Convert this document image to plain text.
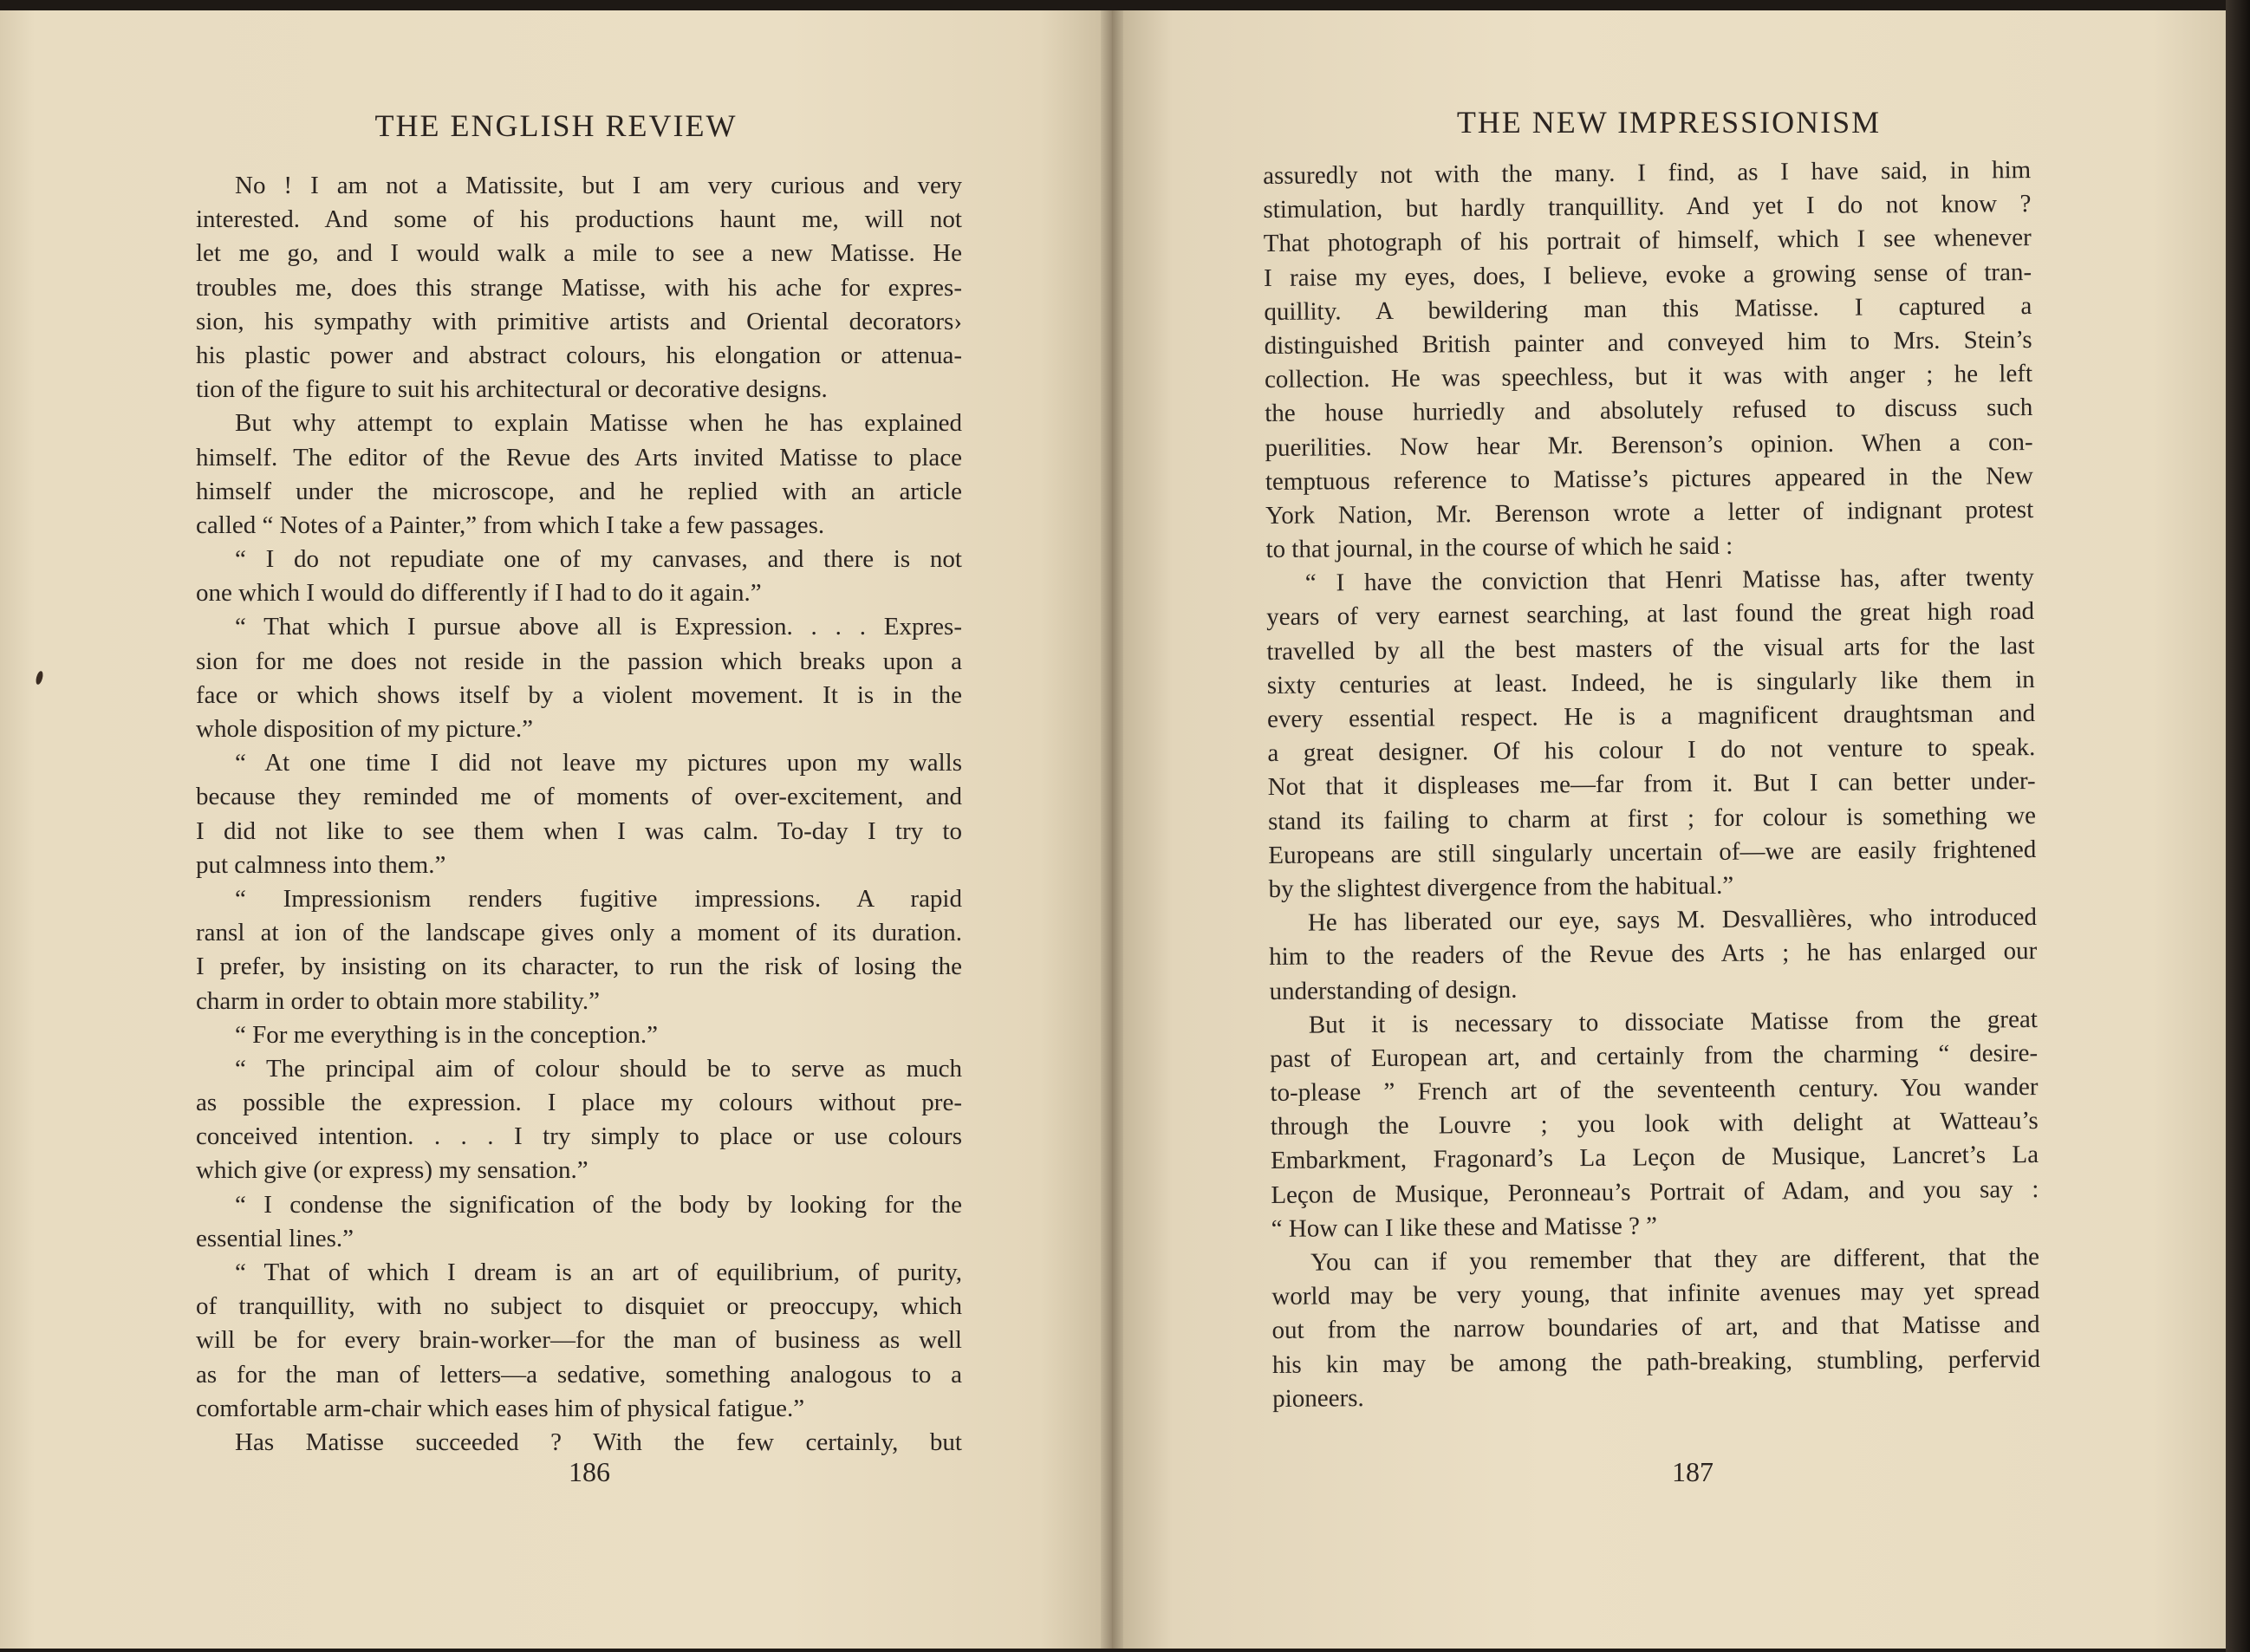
THE ENGLISH REVIEW
No ! I am not a Matissite, but I am very curious and very
interested. And some of his productions haunt me, will not
let me go, and I would walk a mile to see a new Matisse. He
troubles me, does this strange Matisse, with his ache for expres-
sion, his sympathy with primitive artists and Oriental decorators›
his plastic power and abstract colours, his elongation or attenua-
tion of the figure to suit his architectural or decorative designs.
But why attempt to explain Matisse when he has explained
himself. The editor of the Revue des Arts invited Matisse to place
himself under the microscope, and he replied with an article
called “ Notes of a Painter,” from which I take a few passages.
“ I do not repudiate one of my canvases, and there is not
one which I would do differently if I had to do it again.”
“ That which I pursue above all is Expression. . . . Expres-
sion for me does not reside in the passion which breaks upon a
face or which shows itself by a violent movement. It is in the
whole disposition of my picture.”
“ At one time I did not leave my pictures upon my walls
because they reminded me of moments of over-excitement, and
I did not like to see them when I was calm. To-day I try to
put calmness into them.”
“ Impressionism renders fugitive impressions. A rapid
ransl at ion of the landscape gives only a moment of its duration.
I prefer, by insisting on its character, to run the risk of losing the
charm in order to obtain more stability.”
“ For me everything is in the conception.”
“ The principal aim of colour should be to serve as much
as possible the expression. I place my colours without pre-
conceived intention. . . . I try simply to place or use colours
which give (or express) my sensation.”
“ I condense the signification of the body by looking for the
essential lines.”
“ That of which I dream is an art of equilibrium, of purity,
of tranquillity, with no subject to disquiet or preoccupy, which
will be for every brain-worker—for the man of business as well
as for the man of letters—a sedative, something analogous to a
comfortable arm-chair which eases him of physical fatigue.”
Has Matisse succeeded ? With the few certainly, but
186
THE NEW IMPRESSIONISM
assuredly not with the many. I find, as I have said, in him
stimulation, but hardly tranquillity. And yet I do not know ?
That photograph of his portrait of himself, which I see whenever
I raise my eyes, does, I believe, evoke a growing sense of tran-
quillity. A bewildering man this Matisse. I captured a
distinguished British painter and conveyed him to Mrs. Stein’s
collection. He was speechless, but it was with anger ; he left
the house hurriedly and absolutely refused to discuss such
puerilities. Now hear Mr. Berenson’s opinion. When a con-
temptuous reference to Matisse’s pictures appeared in the New
York Nation, Mr. Berenson wrote a letter of indignant protest
to that journal, in the course of which he said :
“ I have the conviction that Henri Matisse has, after twenty
years of very earnest searching, at last found the great high road
travelled by all the best masters of the visual arts for the last
sixty centuries at least. Indeed, he is singularly like them in
every essential respect. He is a magnificent draughtsman and
a great designer. Of his colour I do not venture to speak.
Not that it displeases me—far from it. But I can better under-
stand its failing to charm at first ; for colour is something we
Europeans are still singularly uncertain of—we are easily frightened
by the slightest divergence from the habitual.”
He has liberated our eye, says M. Desvallières, who introduced
him to the readers of the Revue des Arts ; he has enlarged our
understanding of design.
But it is necessary to dissociate Matisse from the great
past of European art, and certainly from the charming “ desire-
to-please ” French art of the seventeenth century. You wander
through the Louvre ; you look with delight at Watteau’s
Embarkment, Fragonard’s La Leçon de Musique, Lancret’s La
Leçon de Musique, Peronneau’s Portrait of Adam, and you say :
“ How can I like these and Matisse ? ”
You can if you remember that they are different, that the
world may be very young, that infinite avenues may yet spread
out from the narrow boundaries of art, and that Matisse and
his kin may be among the path-breaking, stumbling, perfervid
pioneers.
187
